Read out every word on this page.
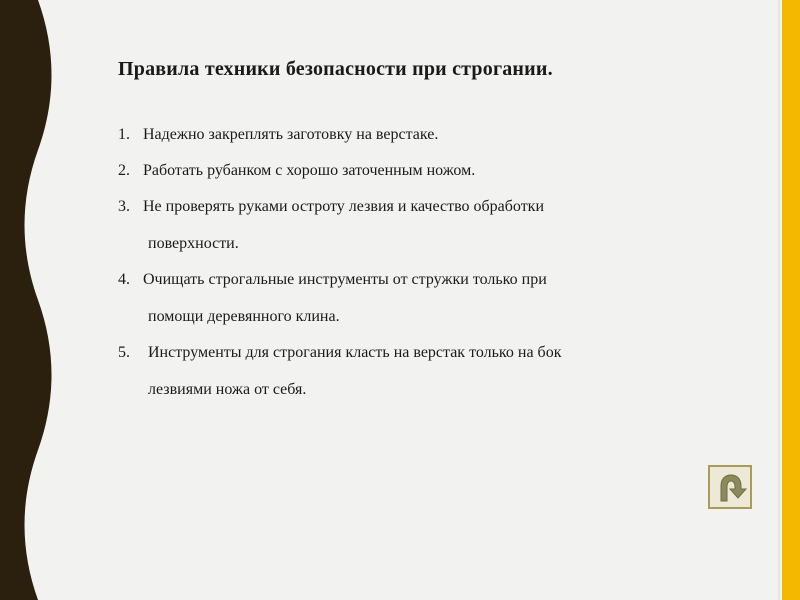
Правила техники безопасности при строгании.
1. Надежно закреплять заготовку на верстаке.
2. Работать рубанком с хорошо заточенным ножом.
3. Не проверять руками остроту лезвия и качество обработки
поверхности.
4. Очищать строгальные инструменты от стружки только при
помощи деревянного клина.
5.	Инструменты для строгания класть на верстак только на бок
лезвиями ножа от себя.
